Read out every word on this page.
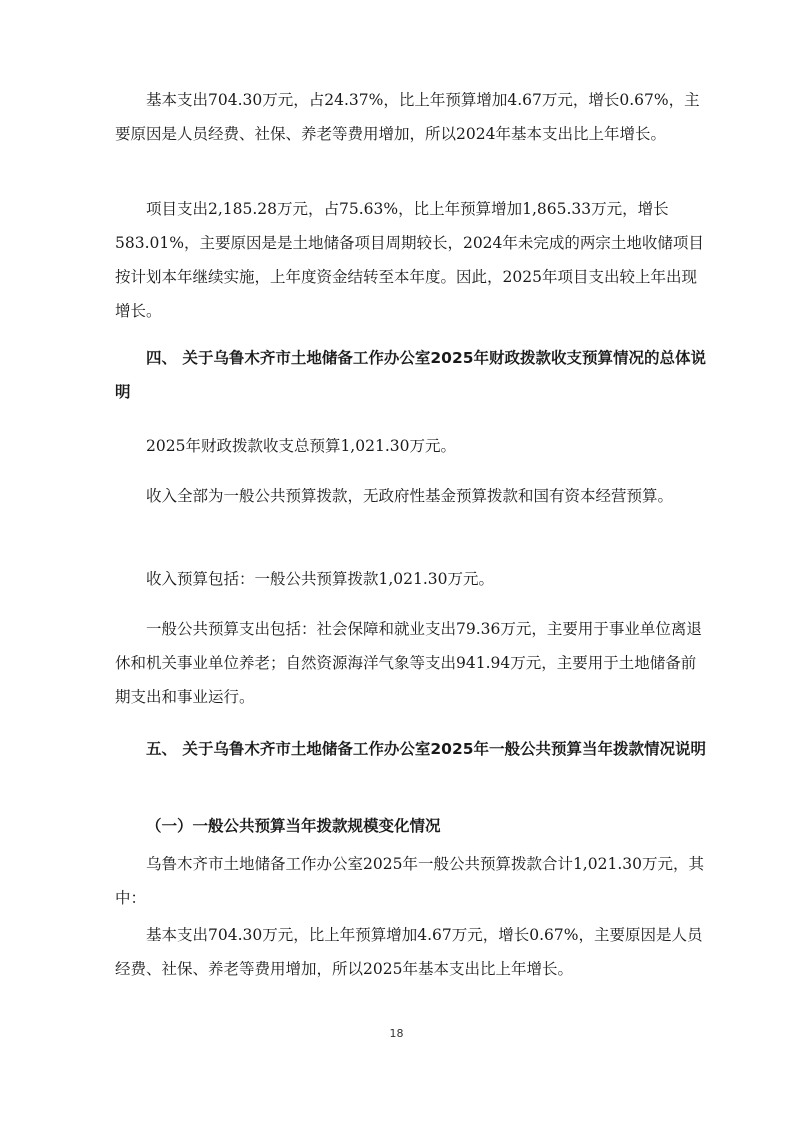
基本支出704.30万元，占24.37%，比上年预算增加4.67万元，增长0.67%，主要原因是人员经费、社保、养老等费用增加，所以2024年基本支出比上年增长。

项目支出2,185.28万元，占75.63%，比上年预算增加1,865.33万元，增长583.01%，主要原因是是土地储备项目周期较长，2024年未完成的两宗土地收储项目按计划本年继续实施，上年度资金结转至本年度。因此，2025年项目支出较上年出现增长。

四、 关于乌鲁木齐市土地储备工作办公室2025年财政拨款收支预算情况的总体说明

2025年财政拨款收支总预算1,021.30万元。

收入全部为一般公共预算拨款，无政府性基金预算拨款和国有资本经营预算。

收入预算包括：一般公共预算拨款1,021.30万元。

一般公共预算支出包括：社会保障和就业支出79.36万元，主要用于事业单位离退休和机关事业单位养老；自然资源海洋气象等支出941.94万元，主要用于土地储备前期支出和事业运行。

五、 关于乌鲁木齐市土地储备工作办公室2025年一般公共预算当年拨款情况说明

（一）一般公共预算当年拨款规模变化情况

乌鲁木齐市土地储备工作办公室2025年一般公共预算拨款合计1,021.30万元，其中：

基本支出704.30万元，比上年预算增加4.67万元，增长0.67%，主要原因是人员经费、社保、养老等费用增加，所以2025年基本支出比上年增长。

18
